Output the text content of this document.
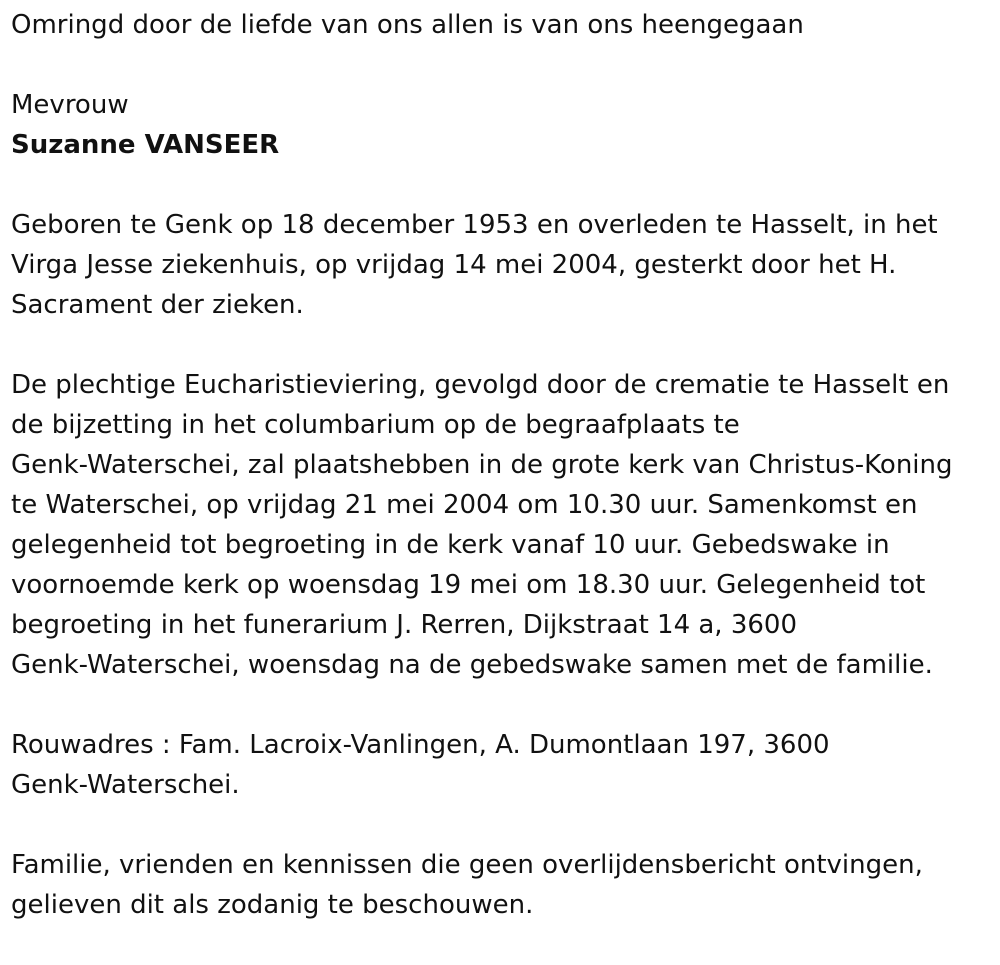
Omringd door de liefde van ons allen is van ons heengegaan
Mevrouw
Suzanne VANSEER
Geboren te Genk op 18 december 1953 en overleden te Hasselt, in het
Virga Jesse ziekenhuis, op vrijdag 14 mei 2004, gesterkt door het H.
Sacrament der zieken.
De plechtige Eucharistieviering, gevolgd door de crematie te Hasselt en
de bijzetting in het columbarium op de begraafplaats te
Genk-Waterschei, zal plaatshebben in de grote kerk van Christus-Koning
te Waterschei, op vrijdag 21 mei 2004 om 10.30 uur. Samenkomst en
gelegenheid tot begroeting in de kerk vanaf 10 uur. Gebedswake in
voornoemde kerk op woensdag 19 mei om 18.30 uur. Gelegenheid tot
begroeting in het funerarium J. Rerren, Dijkstraat 14 a, 3600
Genk-Waterschei, woensdag na de gebedswake samen met de familie.
Rouwadres : Fam. Lacroix-Vanlingen, A. Dumontlaan 197, 3600
Genk-Waterschei.
Familie, vrienden en kennissen die geen overlijdensbericht ontvingen,
gelieven dit als zodanig te beschouwen.
